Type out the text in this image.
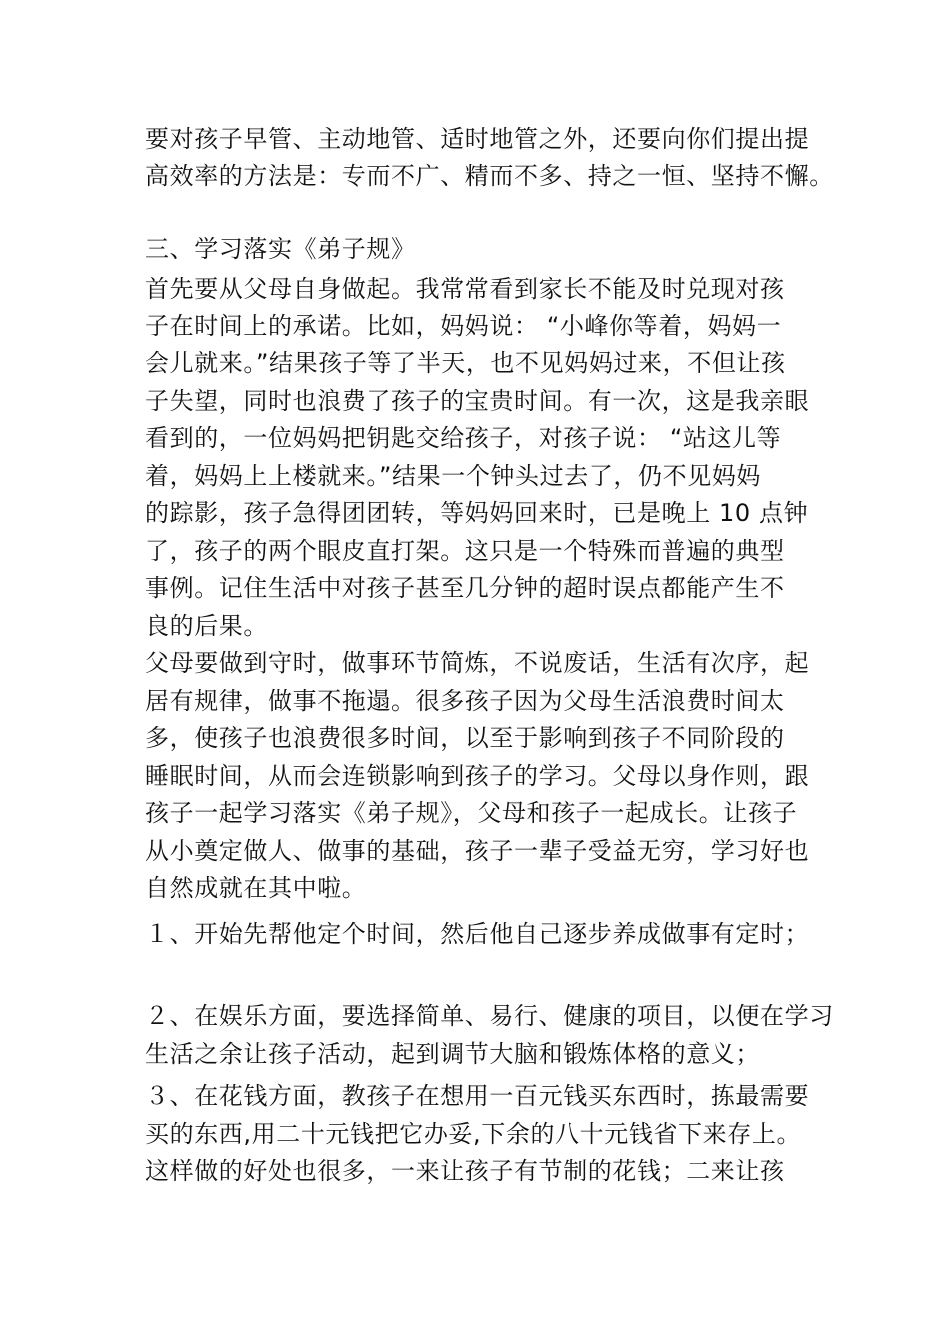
要对孩子早管、主动地管、适时地管之外，还要向你们提出提
高效率的方法是：专而不广、精而不多、持之一恒、坚持不懈。
三、学习落实《弟子规》
首先要从父母自身做起。我常常看到家长不能及时兑现对孩
子在时间上的承诺。比如，妈妈说： “小峰你等着，妈妈一
会儿就来。”结果孩子等了半天，也不见妈妈过来，不但让孩
子失望，同时也浪费了孩子的宝贵时间。有一次，这是我亲眼
看到的，一位妈妈把钥匙交给孩子，对孩子说： “站这儿等
着，妈妈上上楼就来。”结果一个钟头过去了，仍不见妈妈
的踪影，孩子急得团团转，等妈妈回来时，已是晚上 10 点钟
了，孩子的两个眼皮直打架。这只是一个特殊而普遍的典型
事例。记住生活中对孩子甚至几分钟的超时误点都能产生不
良的后果。
父母要做到守时，做事环节简炼，不说废话，生活有次序，起
居有规律，做事不拖遢。很多孩子因为父母生活浪费时间太
多，使孩子也浪费很多时间，以至于影响到孩子不同阶段的
睡眠时间，从而会连锁影响到孩子的学习。父母以身作则，跟
孩子一起学习落实《弟子规》，父母和孩子一起成长。让孩子
从小奠定做人、做事的基础，孩子一辈子受益无穷，学习好也
自然成就在其中啦。
１、开始先帮他定个时间，然后他自己逐步养成做事有定时；
２、在娱乐方面，要选择简单、易行、健康的项目，以便在学习
生活之余让孩子活动，起到调节大脑和锻炼体格的意义；
３、在花钱方面，教孩子在想用一百元钱买东西时，拣最需要
买的东西,用二十元钱把它办妥,下余的八十元钱省下来存上。
这样做的好处也很多，一来让孩子有节制的花钱；二来让孩
